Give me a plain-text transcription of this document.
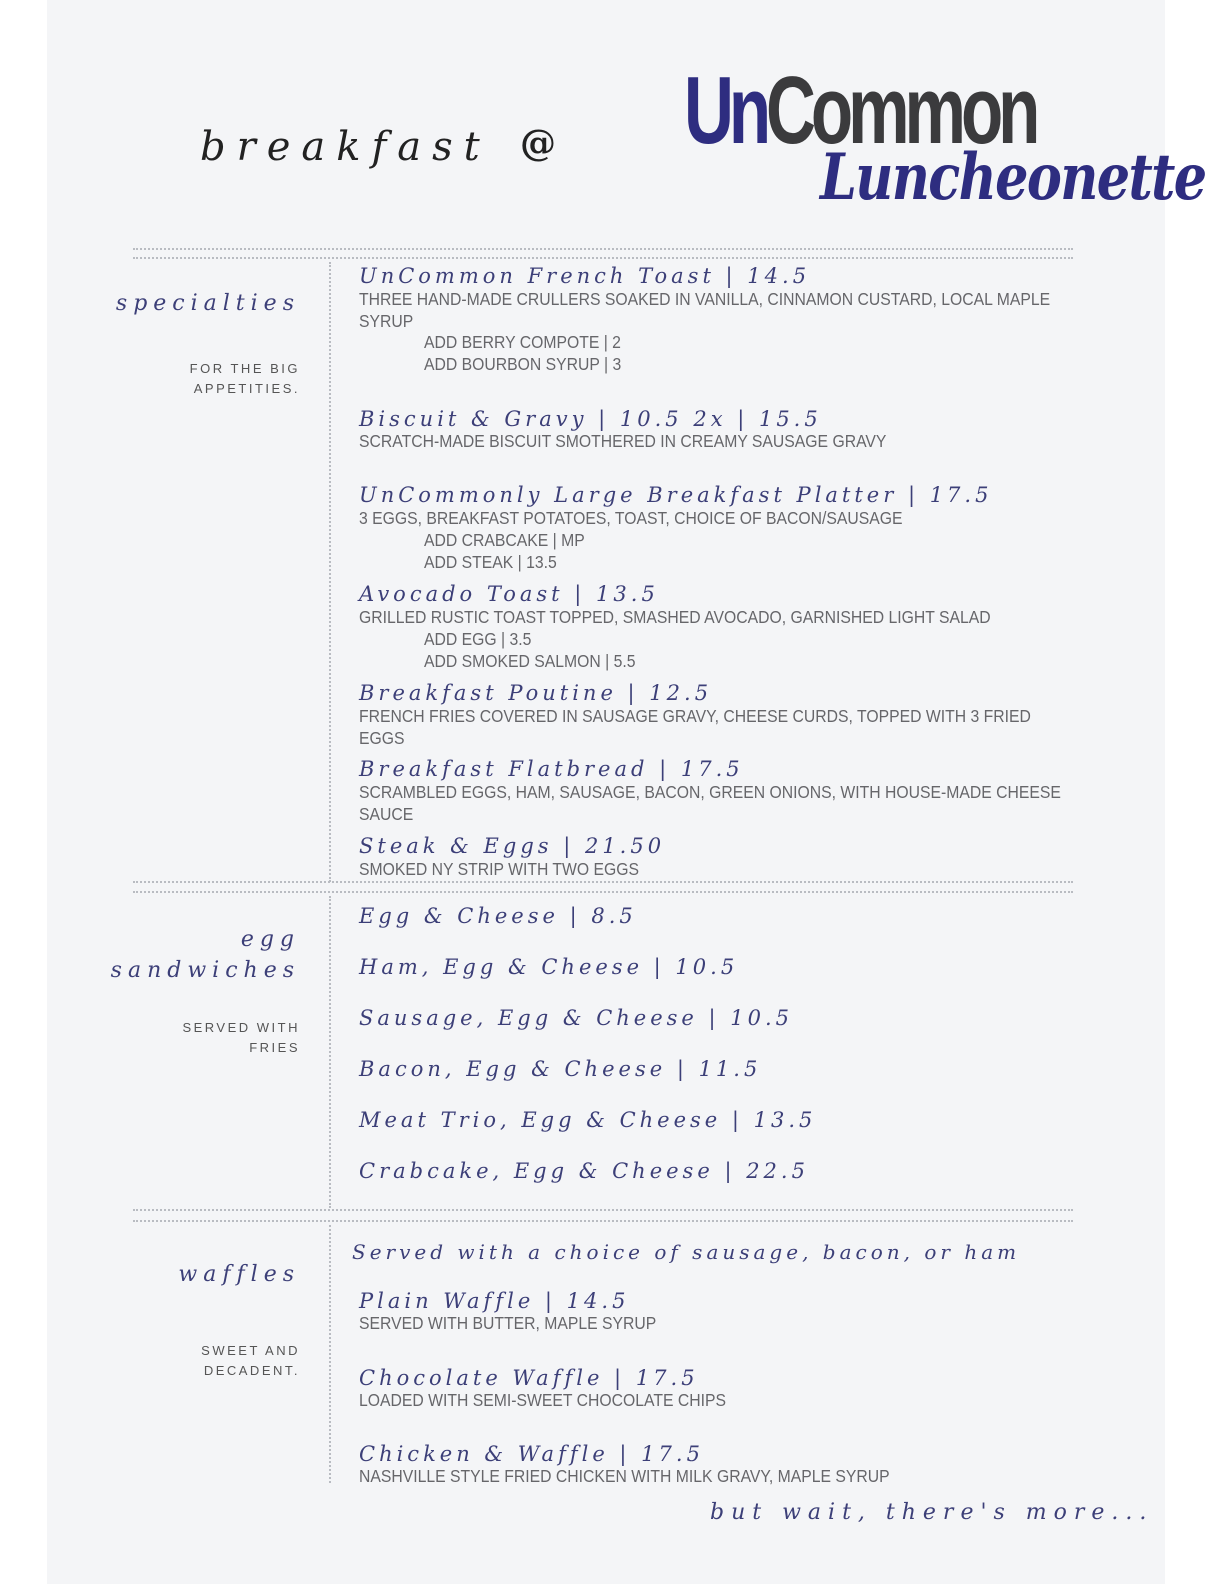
breakfast @ UnCommon
Luncheonette
specialties
FOR THE BIG APPETITIES.
UnCommon French Toast | 14.5
THREE HAND-MADE CRULLERS SOAKED IN VANILLA, CINNAMON CUSTARD, LOCAL MAPLE SYRUP
ADD BERRY COMPOTE | 2
ADD BOURBON SYRUP | 3
Biscuit & Gravy | 10.5 2x | 15.5
SCRATCH-MADE BISCUIT SMOTHERED IN CREAMY SAUSAGE GRAVY
UnCommonly Large Breakfast Platter | 17.5
3 EGGS, BREAKFAST POTATOES, TOAST, CHOICE OF BACON/SAUSAGE
ADD CRABCAKE | MP
ADD STEAK | 13.5
Avocado Toast | 13.5
GRILLED RUSTIC TOAST TOPPED, SMASHED AVOCADO, GARNISHED LIGHT SALAD
ADD EGG | 3.5
ADD SMOKED SALMON | 5.5
Breakfast Poutine | 12.5
FRENCH FRIES COVERED IN SAUSAGE GRAVY, CHEESE CURDS, TOPPED WITH 3 FRIED EGGS
Breakfast Flatbread | 17.5
SCRAMBLED EGGS, HAM, SAUSAGE, BACON, GREEN ONIONS, WITH HOUSE-MADE CHEESE SAUCE
Steak & Eggs | 21.50
SMOKED NY STRIP WITH TWO EGGS
egg
sandwiches
SERVED WITH FRIES
Egg & Cheese | 8.5
Ham, Egg & Cheese | 10.5
Sausage, Egg & Cheese | 10.5
Bacon, Egg & Cheese | 11.5
Meat Trio, Egg & Cheese | 13.5
Crabcake, Egg & Cheese | 22.5
waffles
SWEET AND DECADENT.
Served with a choice of sausage, bacon, or ham
Plain Waffle | 14.5
SERVED WITH BUTTER, MAPLE SYRUP
Chocolate Waffle | 17.5
LOADED WITH SEMI-SWEET CHOCOLATE CHIPS
Chicken & Waffle | 17.5
NASHVILLE STYLE FRIED CHICKEN WITH MILK GRAVY, MAPLE SYRUP
but wait, there's more...
